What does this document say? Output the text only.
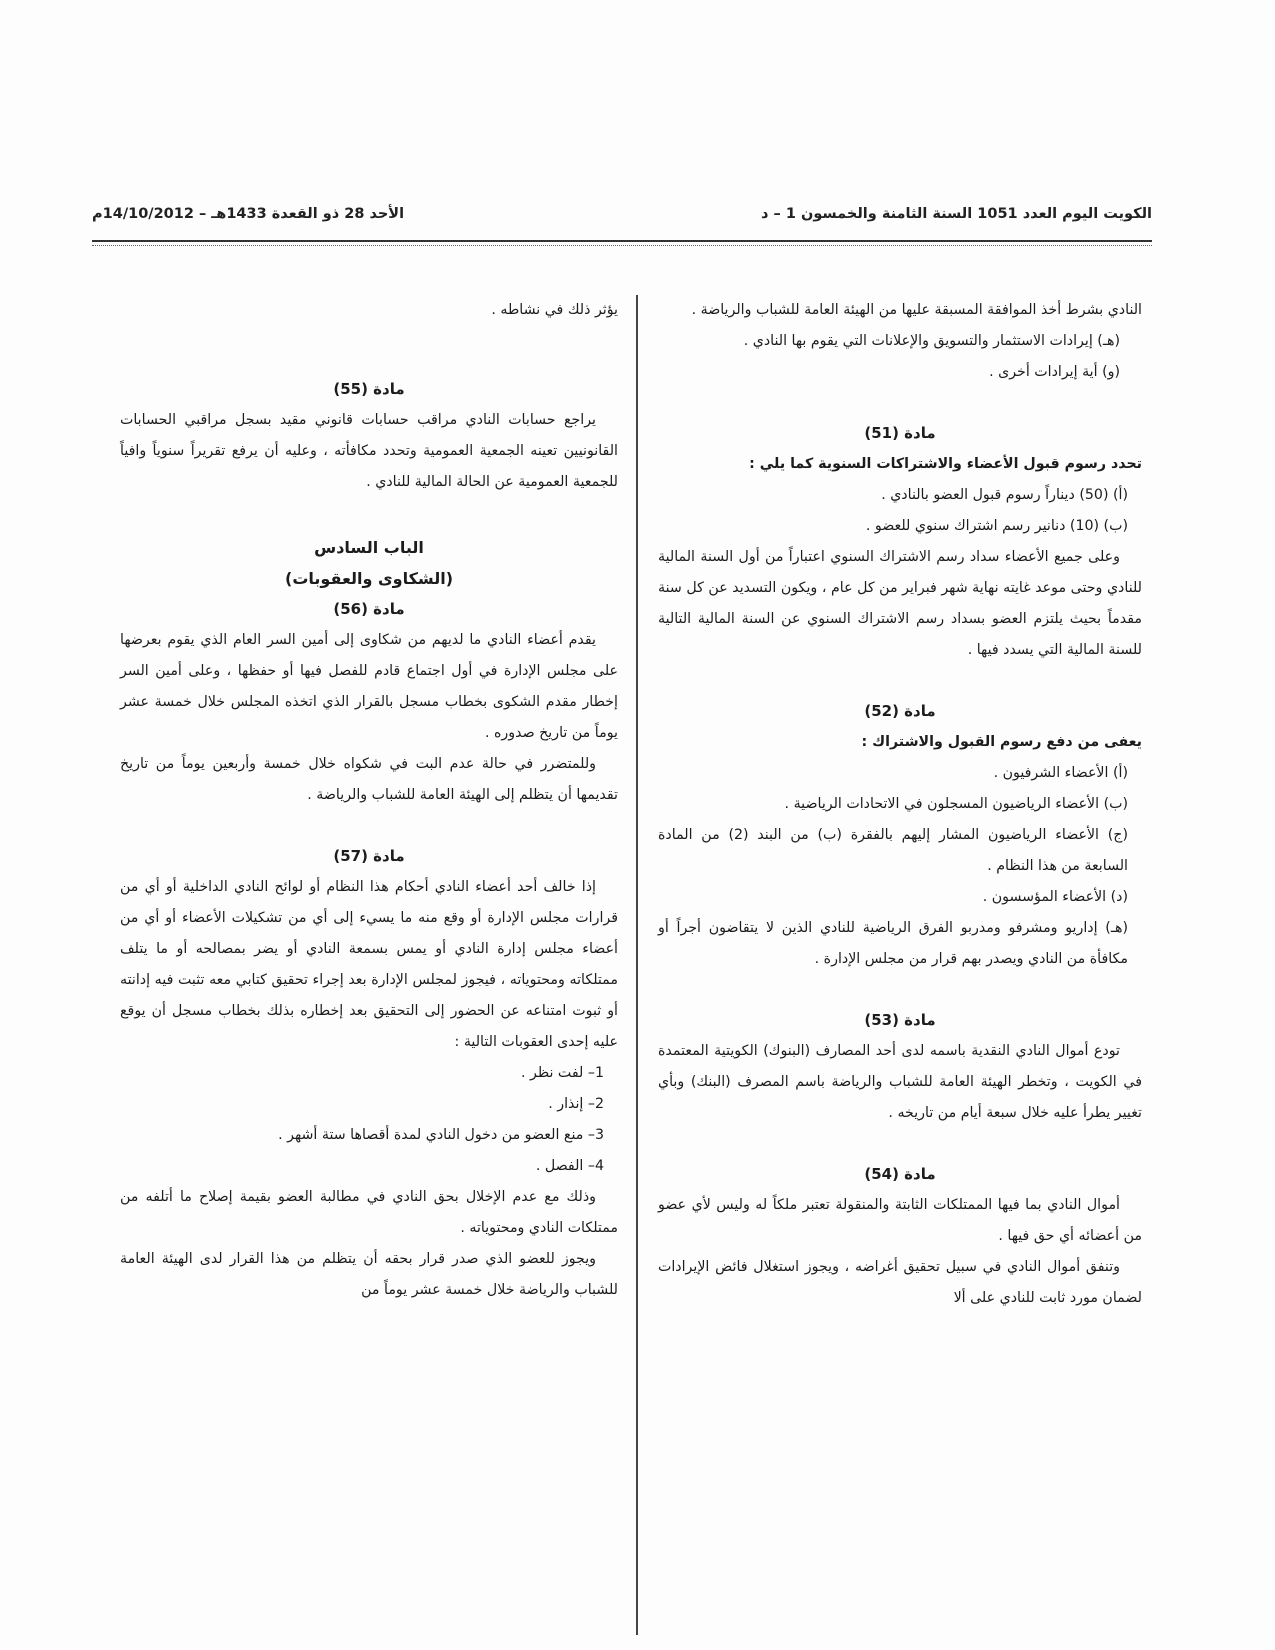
الكويت اليوم العدد 1051 السنة الثامنة والخمسون 1 – د
الأحد 28 ذو القعدة 1433هـ – 14/10/2012م

النادي بشرط أخذ الموافقة المسبقة عليها من الهيئة العامة للشباب والرياضة .

(هـ) إيرادات الاستثمار والتسويق والإعلانات التي يقوم بها النادي .

(و) أية إيرادات أخرى .

مادة (51)

تحدد رسوم قبول الأعضاء والاشتراكات السنوية كما يلي :

(أ) (50) ديناراً رسوم قبول العضو بالنادي .

(ب) (10) دنانير رسم اشتراك سنوي للعضو .

وعلى جميع الأعضاء سداد رسم الاشتراك السنوي اعتباراً من أول السنة المالية للنادي وحتى موعد غايته نهاية شهر فبراير من كل عام ، ويكون التسديد عن كل سنة مقدماً بحيث يلتزم العضو بسداد رسم الاشتراك السنوي عن السنة المالية التالية للسنة المالية التي يسدد فيها .

مادة (52)

يعفى من دفع رسوم القبول والاشتراك :

(أ) الأعضاء الشرفيون .

(ب) الأعضاء الرياضيون المسجلون في الاتحادات الرياضية .

(ج) الأعضاء الرياضيون المشار إليهم بالفقرة (ب) من البند (2) من المادة السابعة من هذا النظام .

(د) الأعضاء المؤسسون .

(هـ) إداريو ومشرفو ومدربو الفرق الرياضية للنادي الذين لا يتقاضون أجراً أو مكافأة من النادي ويصدر بهم قرار من مجلس الإدارة .

مادة (53)

تودع أموال النادي النقدية باسمه لدى أحد المصارف (البنوك) الكويتية المعتمدة في الكويت ، وتخطر الهيئة العامة للشباب والرياضة باسم المصرف (البنك) وبأي تغيير يطرأ عليه خلال سبعة أيام من تاريخه .

مادة (54)

أموال النادي بما فيها الممتلكات الثابتة والمنقولة تعتبر ملكاً له وليس لأي عضو من أعضائه أي حق فيها .

وتنفق أموال النادي في سبيل تحقيق أغراضه ، ويجوز استغلال فائض الإيرادات لضمان مورد ثابت للنادي على ألا

يؤثر ذلك في نشاطه .

مادة (55)

يراجع حسابات النادي مراقب حسابات قانوني مقيد بسجل مراقبي الحسابات القانونيين تعينه الجمعية العمومية وتحدد مكافأته ، وعليه أن يرفع تقريراً سنوياً وافياً للجمعية العمومية عن الحالة المالية للنادي .

الباب السادس
(الشكاوى والعقوبات)
مادة (56)

يقدم أعضاء النادي ما لديهم من شكاوى إلى أمين السر العام الذي يقوم بعرضها على مجلس الإدارة في أول اجتماع قادم للفصل فيها أو حفظها ، وعلى أمين السر إخطار مقدم الشكوى بخطاب مسجل بالقرار الذي اتخذه المجلس خلال خمسة عشر يوماً من تاريخ صدوره .

وللمتضرر في حالة عدم البت في شكواه خلال خمسة وأربعين يوماً من تاريخ تقديمها أن يتظلم إلى الهيئة العامة للشباب والرياضة .

مادة (57)

إذا خالف أحد أعضاء النادي أحكام هذا النظام أو لوائح النادي الداخلية أو أي من قرارات مجلس الإدارة أو وقع منه ما يسيء إلى أي من تشكيلات الأعضاء أو أي من أعضاء مجلس إدارة النادي أو يمس بسمعة النادي أو يضر بمصالحه أو ما يتلف ممتلكاته ومحتوياته ، فيجوز لمجلس الإدارة بعد إجراء تحقيق كتابي معه تثبت فيه إدانته أو ثبوت امتناعه عن الحضور إلى التحقيق بعد إخطاره بذلك بخطاب مسجل أن يوقع عليه إحدى العقوبات التالية :

1– لفت نظر .

2– إنذار .

3– منع العضو من دخول النادي لمدة أقصاها ستة أشهر .

4– الفصل .

وذلك مع عدم الإخلال بحق النادي في مطالبة العضو بقيمة إصلاح ما أتلفه من ممتلكات النادي ومحتوياته .

ويجوز للعضو الذي صدر قرار بحقه أن يتظلم من هذا القرار لدى الهيئة العامة للشباب والرياضة خلال خمسة عشر يوماً من
